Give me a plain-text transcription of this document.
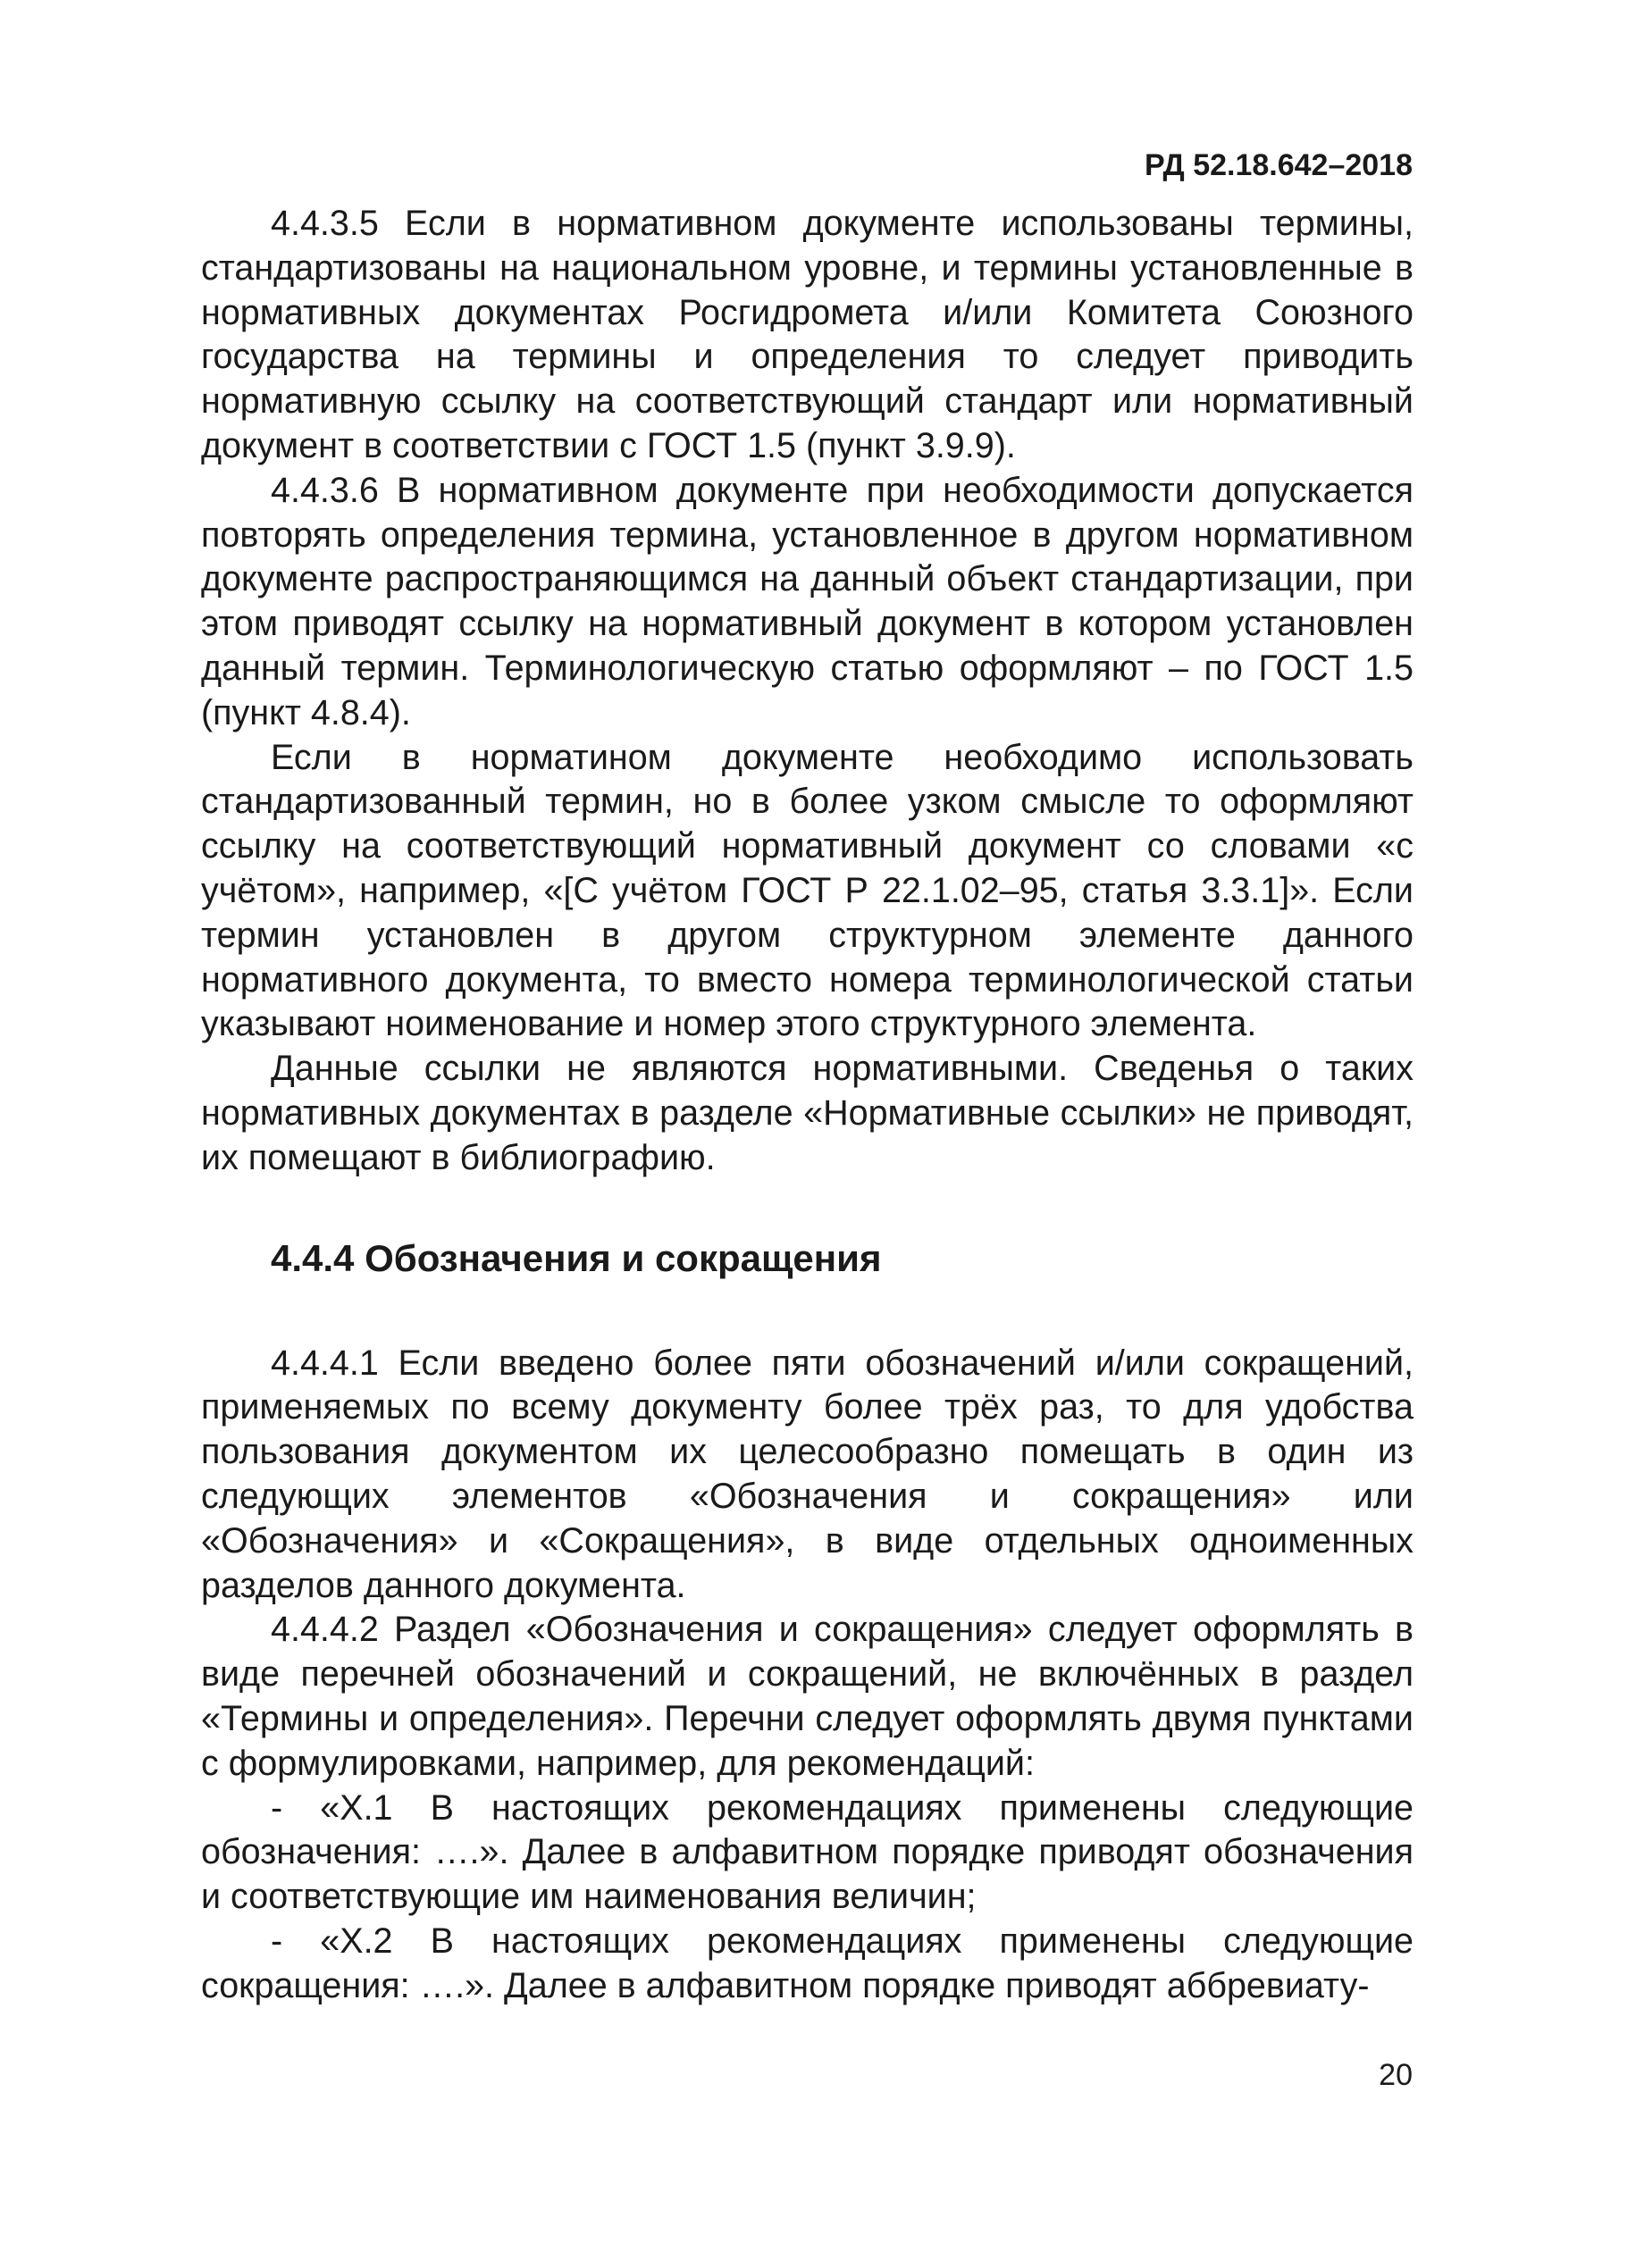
РД 52.18.642–2018

4.4.3.5 Если в нормативном документе использованы термины, стандартизованы на национальном уровне, и термины установленные в нормативных документах Росгидромета и/или Комитета Союзного государства на термины и определения то следует приводить нормативную ссылку на соответствующий стандарт или нормативный документ в соответствии с ГОСТ 1.5 (пункт 3.9.9).

4.4.3.6 В нормативном документе при необходимости допускается повторять определения термина, установленное в другом нормативном документе распространяющимся на данный объект стандартизации, при этом приводят ссылку на нормативный документ в котором установлен данный термин. Терминологическую статью оформляют – по ГОСТ 1.5 (пункт 4.8.4).

Если в норматином документе необходимо использовать стандартизованный термин, но в более узком смысле то оформляют ссылку на соответствующий нормативный документ со словами «с учётом», например, «[С учётом ГОСТ Р 22.1.02–95, статья 3.3.1]». Если термин установлен в другом структурном элементе данного нормативного документа, то вместо номера терминологической статьи указывают ноименование и номер этого структурного элемента.

Данные ссылки не являются нормативными. Сведенья о таких нормативных документах в разделе «Нормативные ссылки» не приводят, их помещают в библиографию.

4.4.4 Обозначения и сокращения

4.4.4.1 Если введено более пяти обозначений и/или сокращений, применяемых по всему документу более трёх раз, то для удобства пользования документом их целесообразно помещать в один из следующих элементов «Обозначения и сокращения» или «Обозначения» и «Сокращения», в виде отдельных одноименных разделов данного документа.

4.4.4.2 Раздел «Обозначения и сокращения» следует оформлять в виде перечней обозначений и сокращений, не включённых в раздел «Термины и определения». Перечни следует оформлять двумя пунктами с формулировками, например, для рекомендаций:

- «Х.1 В настоящих рекомендациях применены следующие обозначения: ….». Далее в алфавитном порядке приводят обозначения и соответствующие им наименования величин;

- «Х.2 В настоящих рекомендациях применены следующие сокращения: ….». Далее в алфавитном порядке приводят аббревиату-

20
